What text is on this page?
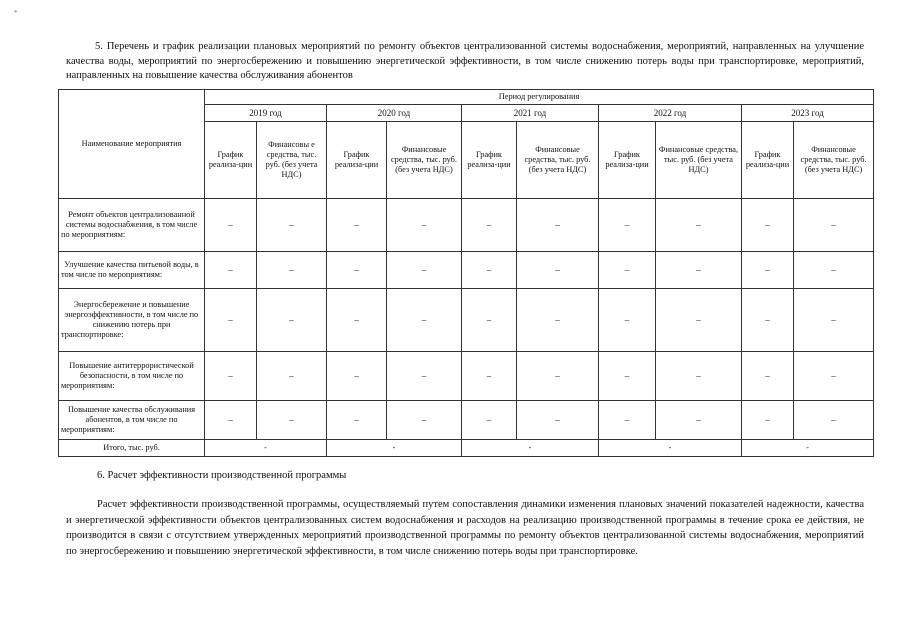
*

5. Перечень и график реализации плановых мероприятий по ремонту объектов централизованной системы водоснабжения, мероприятий, направленных на улучшение качества воды, мероприятий по энергосбережению и повышению энергетической эффективности, в том числе снижению потерь воды при транспортировке, мероприятий, направленных на повышение качества обслуживания абонентов

Наименование мероприятия	Период регулирования									
	2019 год		2020 год		2021 год		2022 год		2023 год	
	График реализа-ции	Финансовы е средства, тыс. руб. (без учета НДС)	График реализа-ции	Финансовые средства, тыс. руб. (без учета НДС)	График реализа-ции	Финансовые средства, тыс. руб. (без учета НДС)	График реализа-ции	Финансовые средства, тыс. руб. (без учета НДС)	График реализа-ции	Финансовые средства, тыс. руб. (без учета НДС)
Ремонт объектов централизованной системы водоснабжения, в том числе по мероприятиям:	–	–	–	–	–	–	–	–	–	–
Улучшение качества питьевой воды, в том числе по мероприятиям:	–	–	–	–	–	–	–	–	–	–
Энергосбережение и повышение энергоэффективности, в том числе по снижению потерь при транспортировке:	–	–	–	–	–	–	–	–	–	–
Повышение антитеррористической безопасности, в том числе по мероприятиям:	–	–	–	–	–	–	–	–	–	–
Повышение качества обслуживания абонентов, в том числе по мероприятиям:	–	–	–	–	–	–	–	–	–	–
Итого, тыс. руб.	-		-		-		-		-	

6. Расчет эффективности производственной программы

Расчет эффективности производственной программы, осуществляемый путем сопоставления динамики изменения плановых значений показателей надежности, качества и энергетической эффективности объектов централизованных систем водоснабжения и расходов на реализацию производственной программы в течение срока ее действия, не производится в связи с отсутствием утвержденных мероприятий производственной программы по ремонту объектов централизованной системы водоснабжения, мероприятий по энергосбережению и повышению энергетической эффективности, в том числе снижению потерь воды при транспортировке.
